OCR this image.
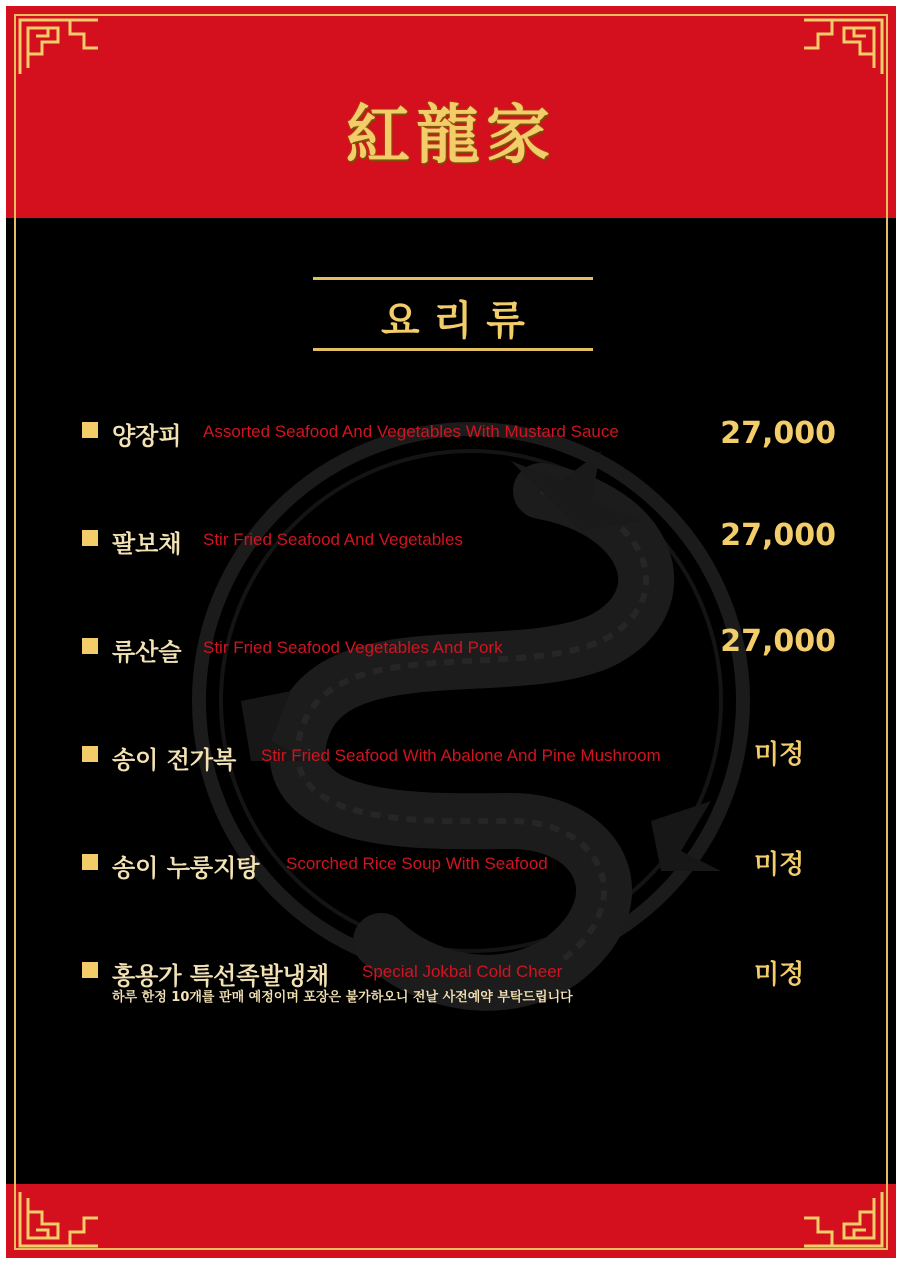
紅龍家
요리류
양장피 Assorted Seafood And Vegetables With Mustard Sauce	27,000
팔보채 Stir Fried Seafood And Vegetables	27,000
류산슬 Stir Fried Seafood Vegetables And Pork	27,000
송이 전가복 Stir Fried Seafood With Abalone And Pine Mushroom	미정
송이 누룽지탕 Scorched Rice Soup With Seafood	미정
홍용가 특선족발냉채 Special Jokbal Cold Cheer	미정
하루 한정 10개를 판매 예정이며 포장은 불가하오니 전날 사전예약 부탁드립니다
